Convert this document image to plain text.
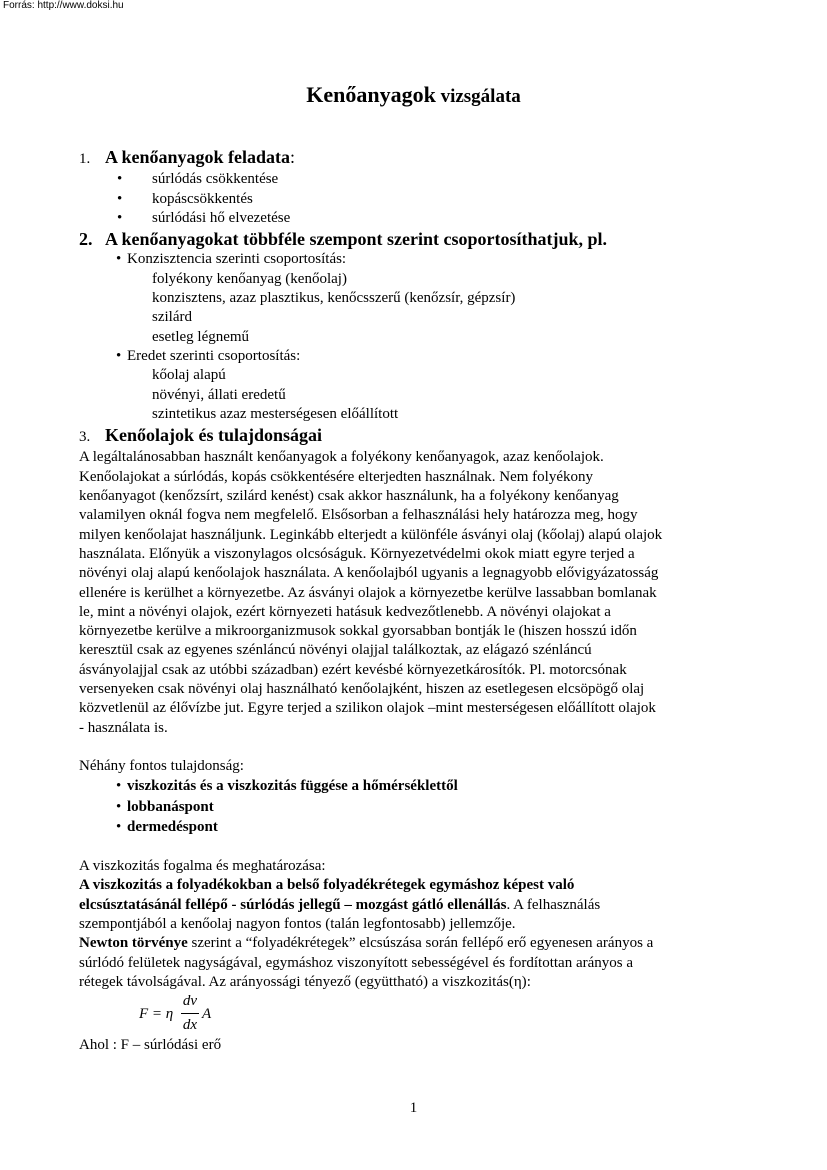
Forrás: http://www.doksi.hu
Kenőanyagok vizsgálata
1. A kenőanyagok feladata:
• súrlódás csökkentése
• kopáscsökkentés
• súrlódási hő elvezetése
2. A kenőanyagokat többféle szempont szerint csoportosíthatjuk, pl.
• Konzisztencia szerinti csoportosítás:
folyékony kenőanyag (kenőolaj)
konzisztens, azaz plasztikus, kenőcsszerű (kenőzsír, gépzsír)
szilárd
esetleg légnemű
• Eredet szerinti csoportosítás:
kőolaj alapú
növényi, állati eredetű
szintetikus azaz mesterségesen előállított
3. Kenőolajok és tulajdonságai
A legáltalánosabban használt kenőanyagok a folyékony kenőanyagok, azaz kenőolajok.
Kenőolajokat a súrlódás, kopás csökkentésére elterjedten használnak. Nem folyékony
kenőanyagot (kenőzsírt, szilárd kenést) csak akkor használunk, ha a folyékony kenőanyag
valamilyen oknál fogva nem megfelelő. Elsősorban a felhasználási hely határozza meg, hogy
milyen kenőolajat használjunk. Leginkább elterjedt a különféle ásványi olaj (kőolaj) alapú olajok
használata. Előnyük a viszonylagos olcsóságuk. Környezetvédelmi okok miatt egyre terjed a
növényi olaj alapú kenőolajok használata. A kenőolajból ugyanis a legnagyobb elővigyázatosság
ellenére is kerülhet a környezetbe. Az ásványi olajok a környezetbe kerülve lassabban bomlanak
le, mint a növényi olajok, ezért környezeti hatásuk kedvezőtlenebb. A növényi olajokat a
környezetbe kerülve a mikroorganizmusok sokkal gyorsabban bontják le (hiszen hosszú időn
keresztül csak az egyenes szénláncú növényi olajjal találkoztak, az elágazó szénláncú
ásványolajjal csak az utóbbi században) ezért kevésbé környezetkárosítók. Pl. motorcsónak
versenyeken csak növényi olaj használható kenőolajként, hiszen az esetlegesen elcsöpögő olaj
közvetlenül az élővízbe jut. Egyre terjed a szilikon olajok –mint mesterségesen előállított olajok
- használata is.
Néhány fontos tulajdonság:
• viszkozitás és a viszkozitás függése a hőmérséklettől
• lobbanáspont
• dermedéspont
A viszkozitás fogalma és meghatározása:
A viszkozitás a folyadékokban a belső folyadékrétegek egymáshoz képest való
elcsúsztatásánál fellépő - súrlódás jellegű – mozgást gátló ellenállás. A felhasználás
szempontjából a kenőolaj nagyon fontos (talán legfontosabb) jellemzője.
Newton törvénye szerint a “folyadékrétegek” elcsúszása során fellépő erő egyenesen arányos a
súrlódó felületek nagyságával, egymáshoz viszonyított sebességével és fordítottan arányos a
rétegek távolságával. Az arányossági tényező (együttható) a viszkozitás(η):
F = η
dv
dx
A
Ahol : F – súrlódási erő
1
